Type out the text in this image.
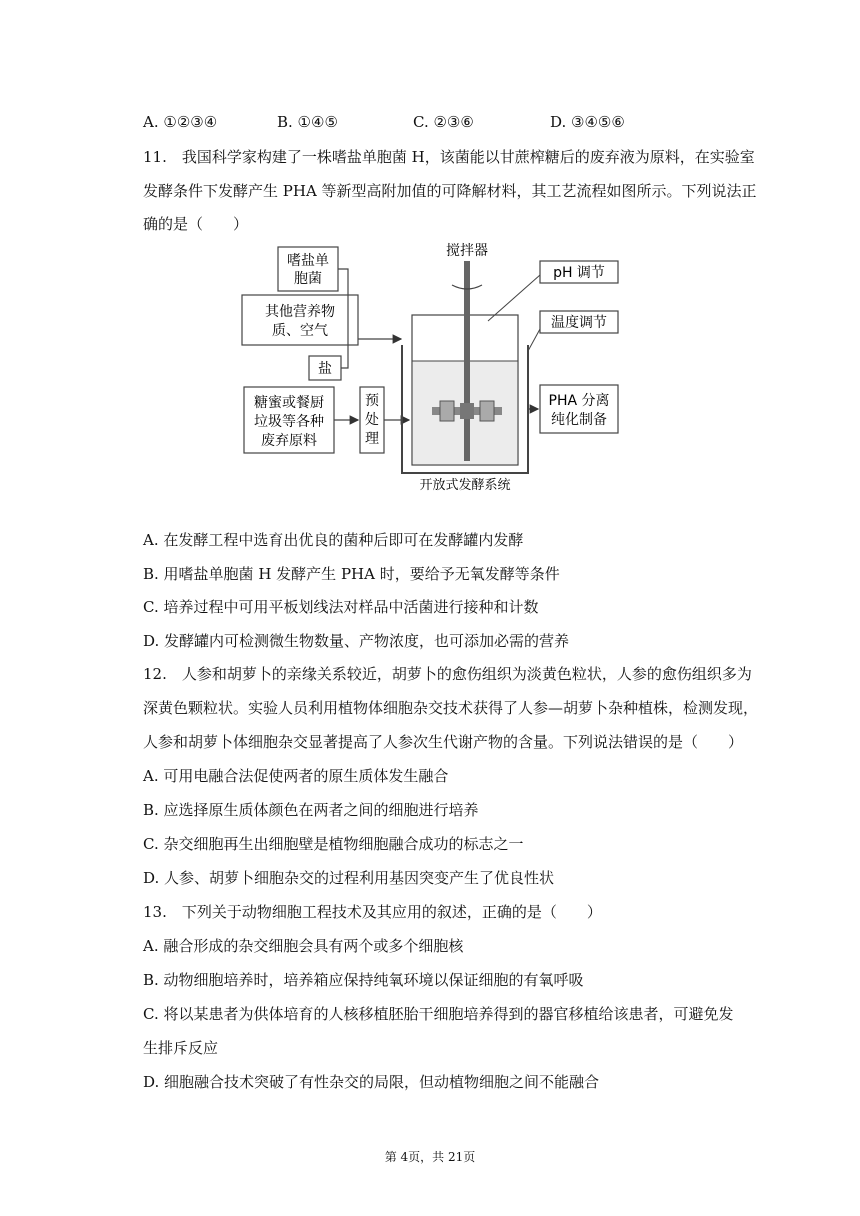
A. ①②③④	B. ①④⑤	C. ②③⑥	D. ③④⑤⑥
11.　我国科学家构建了一株嗜盐单胞菌 H，该菌能以甘蔗榨糖后的废弃液为原料，在实验室
发酵条件下发酵产生 PHA 等新型高附加值的可降解材料，其工艺流程如图所示。下列说法正
确的是（　　）
嗜盐单
胞菌
其他营养物
质、空气
盐
糖蜜或餐厨
垃圾等各种
废弃原料
预
处
理
搅拌器
pH 调节
温度调节
PHA 分离
纯化制备
开放式发酵系统
A. 在发酵工程中选育出优良的菌种后即可在发酵罐内发酵
B. 用嗜盐单胞菌 H 发酵产生 PHA 时，要给予无氧发酵等条件
C. 培养过程中可用平板划线法对样品中活菌进行接种和计数
D. 发酵罐内可检测微生物数量、产物浓度，也可添加必需的营养
12.　人参和胡萝卜的亲缘关系较近，胡萝卜的愈伤组织为淡黄色粒状，人参的愈伤组织多为
深黄色颗粒状。实验人员利用植物体细胞杂交技术获得了人参—胡萝卜杂种植株，检测发现，
人参和胡萝卜体细胞杂交显著提高了人参次生代谢产物的含量。下列说法错误的是（　　）
A. 可用电融合法促使两者的原生质体发生融合
B. 应选择原生质体颜色在两者之间的细胞进行培养
C. 杂交细胞再生出细胞壁是植物细胞融合成功的标志之一
D. 人参、胡萝卜细胞杂交的过程利用基因突变产生了优良性状
13.　下列关于动物细胞工程技术及其应用的叙述，正确的是（　　）
A. 融合形成的杂交细胞会具有两个或多个细胞核
B. 动物细胞培养时，培养箱应保持纯氧环境以保证细胞的有氧呼吸
C. 将以某患者为供体培育的人核移植胚胎干细胞培养得到的器官移植给该患者，可避免发
生排斥反应
D. 细胞融合技术突破了有性杂交的局限，但动植物细胞之间不能融合
第 4页，共 21页
